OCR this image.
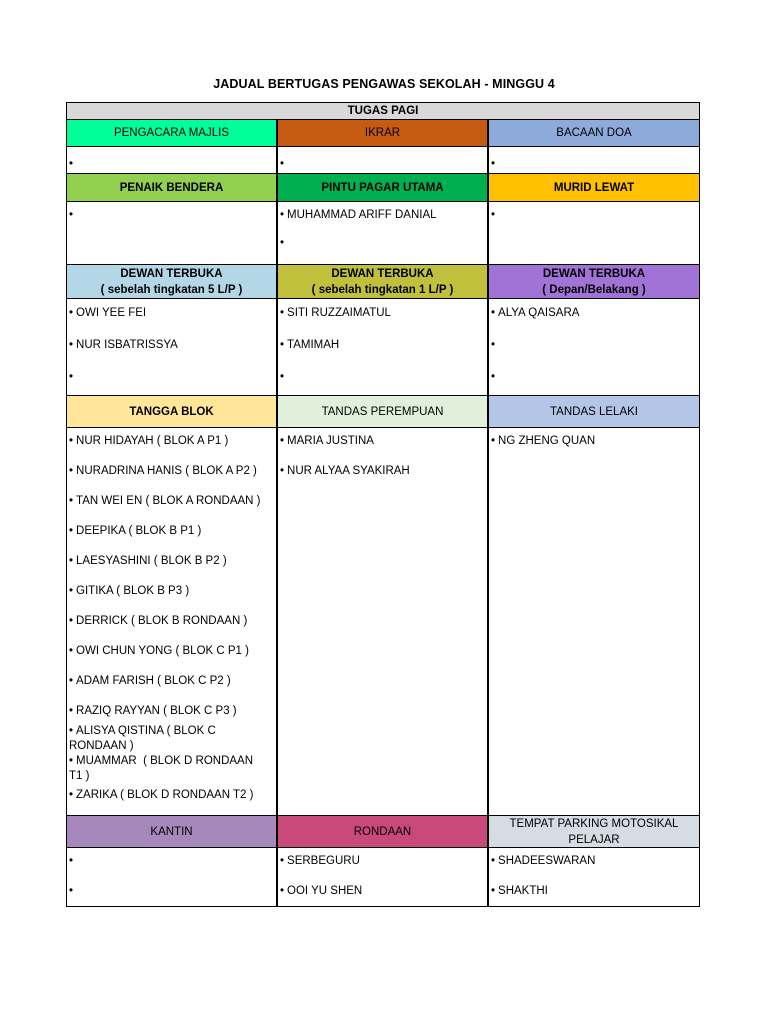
JADUAL BERTUGAS PENGAWAS SEKOLAH - MINGGU 4
TUGAS PAGI
PENGACARA MAJLIS
•
IKRAR
•
BACAAN DOA
•
PENAIK BENDERA
•
PINTU PAGAR UTAMA
• MUHAMMAD ARIFF DANIAL
•
MURID LEWAT
•
DEWAN TERBUKA
( sebelah tingkatan 5 L/P )
• OWI YEE FEI
• NUR ISBATRISSYA
•
DEWAN TERBUKA
( sebelah tingkatan 1 L/P )
• SITI RUZZAIMATUL
• TAMIMAH
•
DEWAN TERBUKA
( Depan/Belakang )
• ALYA QAISARA
•
•
TANGGA BLOK
• NUR HIDAYAH ( BLOK A P1 )
• NURADRINA HANIS ( BLOK A P2 )
• TAN WEI EN ( BLOK A RONDAAN )
• DEEPIKA ( BLOK B P1 )
• LAESYASHINI ( BLOK B P2 )
• GITIKA ( BLOK B P3 )
• DERRICK ( BLOK B RONDAAN )
• OWI CHUN YONG ( BLOK C P1 )
• ADAM FARISH ( BLOK C P2 )
• RAZIQ RAYYAN ( BLOK C P3 )
• ALISYA QISTINA ( BLOK C
RONDAAN )
• MUAMMAR  ( BLOK D RONDAAN
T1 )
• ZARIKA ( BLOK D RONDAAN T2 )
TANDAS PEREMPUAN
• MARIA JUSTINA
• NUR ALYAA SYAKIRAH
TANDAS LELAKI
• NG ZHENG QUAN
KANTIN
•
•
RONDAAN
• SERBEGURU
• OOI YU SHEN
TEMPAT PARKING MOTOSIKAL
PELAJAR
• SHADEESWARAN
• SHAKTHI
